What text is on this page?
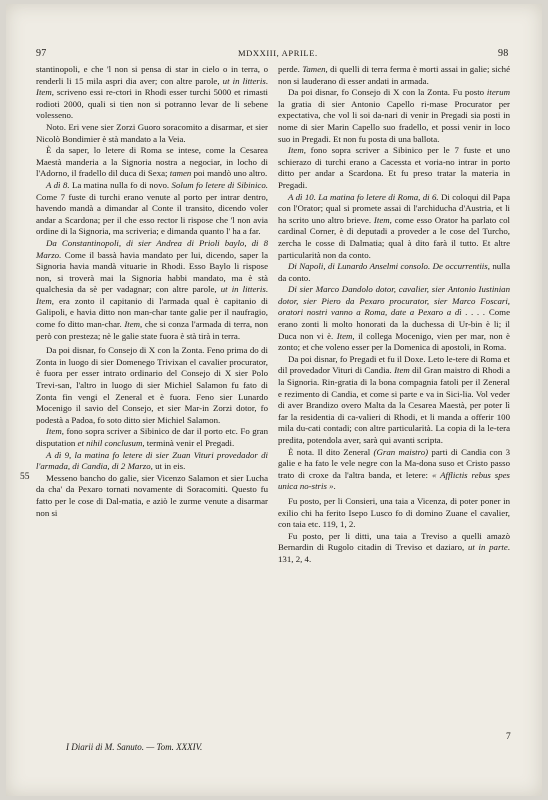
97	MDXXIII, APRILE.	98
55

stantinopoli, e che 'l non si pensa di star in cielo o in terra, o renderli li 15 mila aspri dia aver; con altre parole, ut in litteris. Item, scriveno essi re-ctori in Rhodi esser turchi 5000 et rimasti rodioti 2000, quali si tien non si potranno levar de li sebene volesseno.

Noto. Eri vene sier Zorzi Guoro soracomito a disarmar, et sier Nicolò Bondimier è stà mandato a la Veia.

È da saper, lo letere di Roma se intese, come la Cesarea Maestà manderia a la Signoria nostra a negociar, in locho di l'Adorno, il fradello dil duca di Sexa; tamen poi mandò uno altro.

A dì 8. La matina nulla fo di novo. Solum fo letere di Sibinico. Come 7 fuste di turchi erano venute al porto per intrar dentro, havendo mandà a dimandar al Conte il transito, dicendo voler andar a Scardona; per il che esso rector li rispose che 'l non avia ordine di la Signoria, ma scriveria; e dimanda quanto l' ha a far.

Da Constantinopoli, di sier Andrea di Prioli baylo, di 8 Marzo. Come il bassà havia mandato per lui, dicendo, saper la Signoria havia mandà vituarie in Rhodi. Esso Baylo li rispose non, si troverà mai la Signoria habbi mandato, ma è stà qualchesia da sè per vadagnar; con altre parole, ut in litteris. Item, era zonto il capitanio di l'armada qual è capitanio di Galipoli, e havia ditto non man-char tante galie per il naufragio, come fo ditto man-char. Item, che si conza l'armada di terra, non però con presteza; nè le galie state fuora è stà tirà in terra.

Da poi disnar, fo Consejo di X con la Zonta. Feno prima do di Zonta in luogo di sier Domenego Trivixan el cavalier procurator, è fuora per esser intrato ordinario del Consejo di X sier Polo Trevi-san, l'altro in luogo di sier Michiel Salamon fu fato di Zonta fin vengi el Zeneral et è fuora. Feno sier Lunardo Mocenigo il savio del Consejo, et sier Mar-in Zorzi dotor, fo podestà a Padoa, fo soto ditto sier Michiel Salamon.

Item, fono sopra scriver a Sibinico de dar il porto etc. Fo gran disputation et nihil conclusum, terminà venir el Pregadi.

A dì 9, la matina fo letere di sier Zuan Vituri provedador di l'armada, di Candia, di 2 Marzo, ut in eis.

Messeno bancho do galie, sier Vicenzo Salamon et sier Lucha da cha' da Pexaro tornati novamente di Soracomiti. Questo fu fatto per le cose di Dal-matia, e aziò le zurme venute a disarmar non si

perde. Tamen, di quelli di terra ferma è morti assai in galie; siché non si lauderano di esser andati in armada.

Da poi disnar, fo Consejo di X con la Zonta. Fu posto iterum la gratia di sier Antonio Capello ri-mase Procurator per expectativa, che vol li soi da-nari di venir in Pregadi sia posti in nome di sier Marin Capello suo fradello, et possi venir in loco suo in Pregadi. Et non fu posta di una ballota.

Item, fono sopra scriver a Sibinico per le 7 fuste et uno schierazo di turchi erano a Cacessta et voria-no intrar in porto ditto per andar a Scardona. Et fu preso tratar la materia in Pregadi.

A dì 10. La matina fo letere di Roma, di 6. Di coloqui dil Papa con l'Orator; qual si promete assai di l'archiducha d'Austria, et li ha scrito uno altro brieve. Item, come esso Orator ha parlato col cardinal Corner, è di deputadi a proveder a le cose del Turcho, zercha le cosse di Dalmatia; qual à dito farà il tutto. Et altre particularità non da conto.

Di Napoli, di Lunardo Anselmi consolo. De occurrentiis, nulla da conto.

Di sier Marco Dandolo dotor, cavalier, sier Antonio Iustinian dotor, sier Piero da Pexaro procurator, sier Marco Foscari, oratori nostri vanno a Roma, date a Pexaro a dì . . . . Come erano zonti li molto honorati da la duchessa di Ur-bin è li; il Duca non vi è. Item, il collega Mocenigo, vien per mar, non è zonto; et che voleno esser per la Domenica di apostoli, in Roma.

Da poi disnar, fo Pregadi et fu il Doxe. Leto le-tere di Roma et dil provedador Vituri di Candia. Item dil Gran maistro di Rhodi a la Signoria. Rin-gratia di la bona compagnia fatoli per il Zeneral e rezimento di Candia, et come si parte e va in Sici-lia. Vol veder di aver Brandizo overo Malta da la Cesarea Maestà, per poter lì far la residentia di ca-valieri di Rhodi, et li manda a offerir 100 mila du-cati contadi; con altre particularità. La copia di la le-tera predita, potendola aver, sarà qui avanti scripta.

È nota. Il dito Zeneral (Gran maistro) parti di Candia con 3 galie e ha fato le vele negre con la Ma-dona suso et Cristo passo trato di croxe da l'altra banda, et letere: « Afflictis rebus spes unica no-stris ».

Fu posto, per li Consieri, una taia a Vicenza, di poter poner in exilio chi ha ferito Isepo Lusco fo di domino Zuane el cavalier, con taia etc. 119, 1, 2.

Fu posto, per li ditti, una taia a Treviso a quelli amazò Bernardin di Rugolo citadin di Treviso et daziaro, ut in parte. 131, 2, 4.

I Diarii di M. Sanuto. — Tom. XXXIV.
7
